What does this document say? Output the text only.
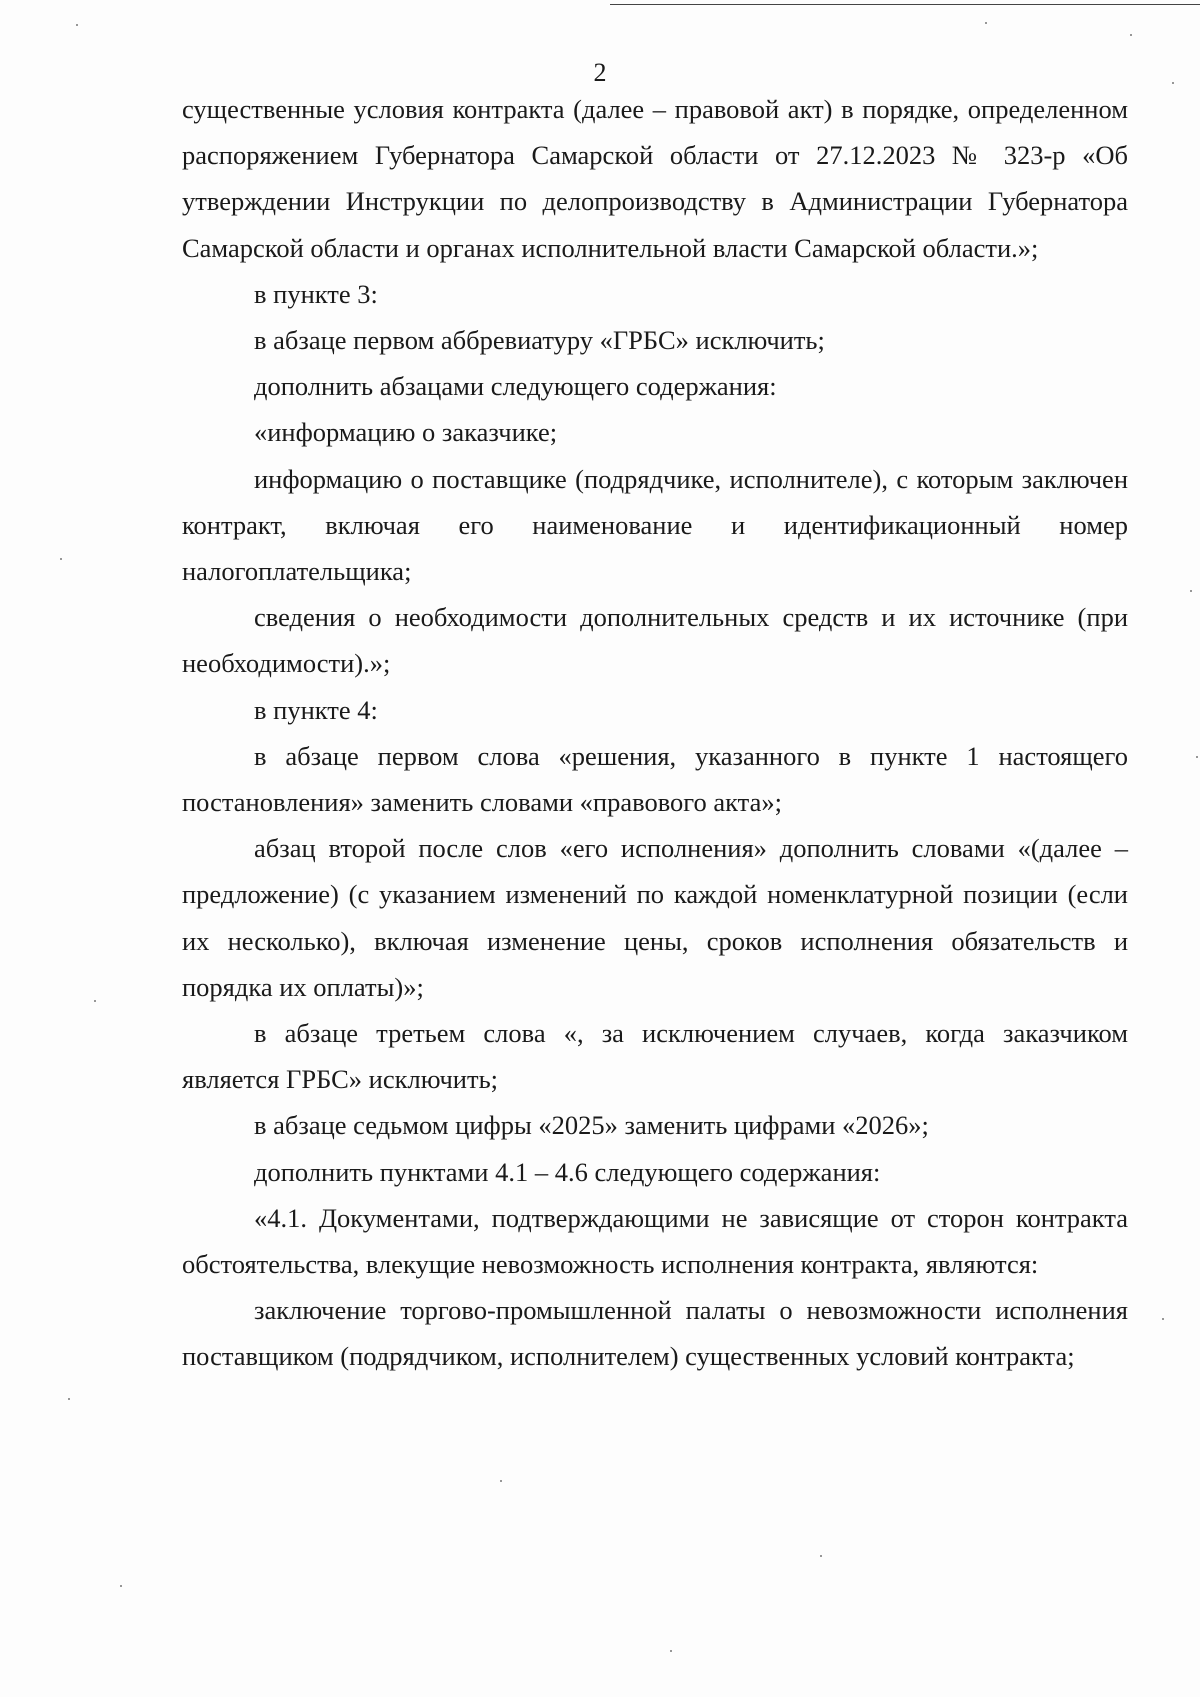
2

существенные условия контракта (далее – правовой акт) в порядке, определенном распоряжением Губернатора Самарской области от 27.12.2023 № 323-р «Об утверждении Инструкции по делопроизводству в Администрации Губернатора Самарской области и органах исполнительной власти Самарской области.»;

в пункте 3:

в абзаце первом аббревиатуру «ГРБС» исключить;

дополнить абзацами следующего содержания:

«информацию о заказчике;

информацию о поставщике (подрядчике, исполнителе), с которым заключен контракт, включая его наименование и идентификационный номер налогоплательщика;

сведения о необходимости дополнительных средств и их источнике (при необходимости).»;

в пункте 4:

в абзаце первом слова «решения, указанного в пункте 1 настоящего постановления» заменить словами «правового акта»;

абзац второй после слов «его исполнения» дополнить словами «(далее – предложение) (с указанием изменений по каждой номенклатурной позиции (если их несколько), включая изменение цены, сроков исполнения обязательств и порядка их оплаты)»;

в абзаце третьем слова «, за исключением случаев, когда заказчиком является ГРБС» исключить;

в абзаце седьмом цифры «2025» заменить цифрами «2026»;

дополнить пунктами 4.1 – 4.6 следующего содержания:

«4.1. Документами, подтверждающими не зависящие от сторон контракта обстоятельства, влекущие невозможность исполнения контракта, являются:

заключение торгово-промышленной палаты о невозможности исполнения поставщиком (подрядчиком, исполнителем) существенных условий контракта;
